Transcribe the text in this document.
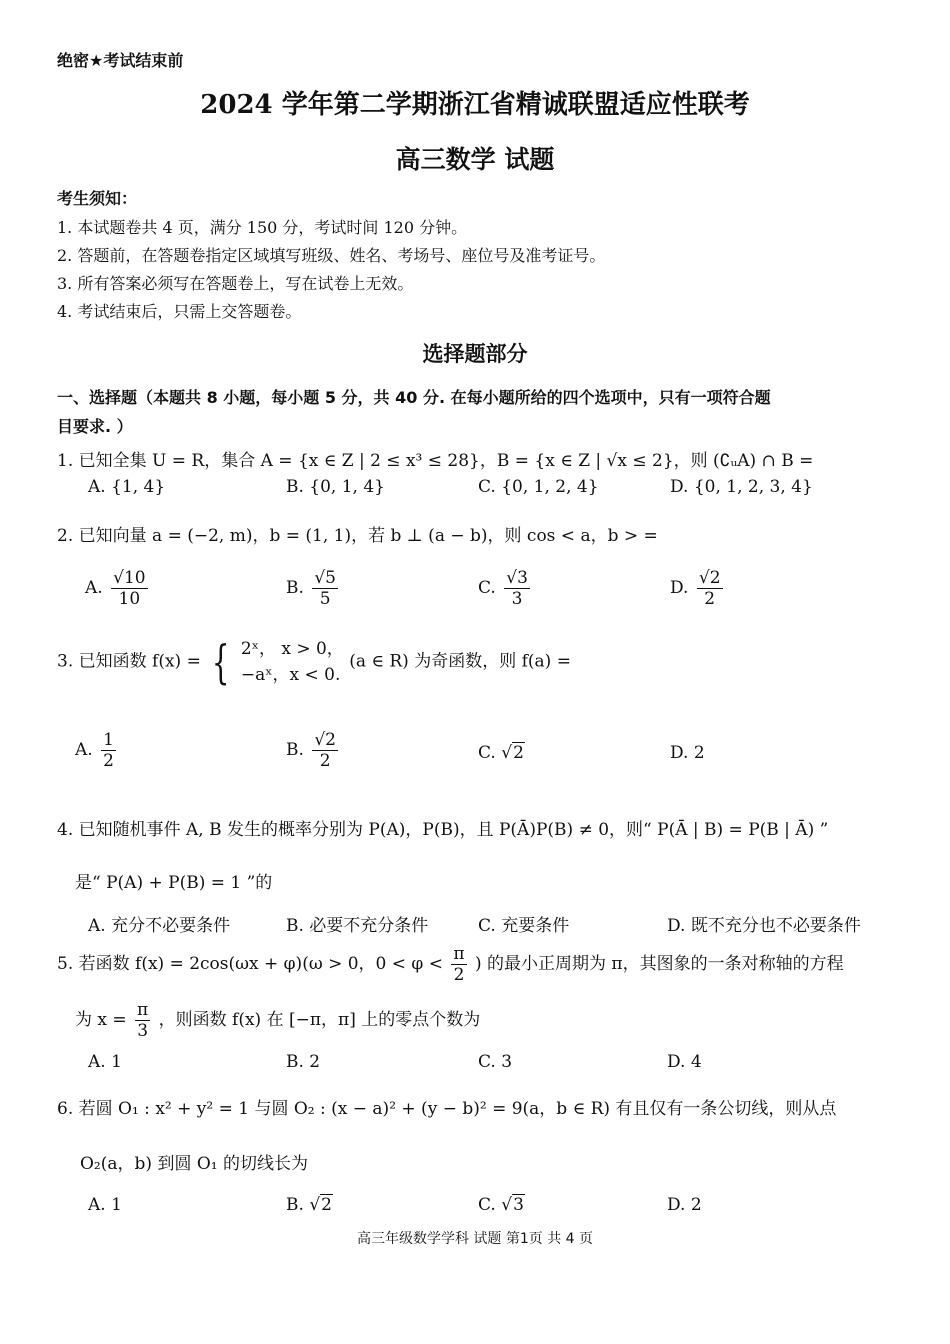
绝密★考试结束前
2024 学年第二学期浙江省精诚联盟适应性联考
高三数学 试题
考生须知：
1. 本试题卷共 4 页，满分 150 分，考试时间 120 分钟。
2. 答题前，在答题卷指定区域填写班级、姓名、考场号、座位号及准考证号。
3. 所有答案必须写在答题卷上，写在试卷上无效。
4. 考试结束后，只需上交答题卷。
选择题部分
一、选择题（本题共 8 小题，每小题 5 分，共 40 分. 在每小题所给的四个选项中，只有一项符合题
目要求. ）
1. 已知全集 U = R，集合 A = {x ∈ Z | 2 ≤ x³ ≤ 28}，B = {x ∈ Z | √x ≤ 2}，则 (∁ᵤA) ∩ B =
A. {1, 4}	B. {0, 1, 4}	C. {0, 1, 2, 4}	D. {0, 1, 2, 3, 4}
2. 已知向量 a = (−2, m)，b = (1, 1)，若 b ⊥ (a − b)，则 cos < a，b > =
A. $\frac{√10}{10}$	B. $\frac{√5}{5}$	C. $\frac{√3}{3}$	D. $\frac{√2}{2}$
3. 已知函数 f(x) = { 2ˣ， x > 0，
−aˣ，x < 0.
(a ∈ R) 为奇函数，则 f(a) =
A. $\frac{1}{2}$	B. $\frac{√2}{2}$	C. √2	D. 2
4. 已知随机事件 A, B 发生的概率分别为 P(A)，P(B)，且 P(Ā)P(B) ≠ 0，则“ P(Ā | B) = P(B | Ā) ”
是“ P(A) + P(B) = 1 ”的
A. 充分不必要条件	B. 必要不充分条件	C. 充要条件	D. 既不充分也不必要条件
5. 若函数 f(x) = 2cos(ωx + φ)(ω > 0，$0 < \varphi < \frac{\pi}{2}$ ) 的最小正周期为 π，其图象的一条对称轴的方程
为 $x = \frac{\pi}{3}$ ，则函数 f(x) 在 [−π，π] 上的零点个数为
A. 1	B. 2	C. 3	D. 4
6. 若圆 O₁ : x² + y² = 1 与圆 O₂ : (x − a)² + (y − b)² = 9(a，b ∈ R) 有且仅有一条公切线，则从点
O₂(a，b) 到圆 O₁ 的切线长为
A. 1	B. √2	C. √3	D. 2
高三年级数学学科 试题 第1页 共 4 页
